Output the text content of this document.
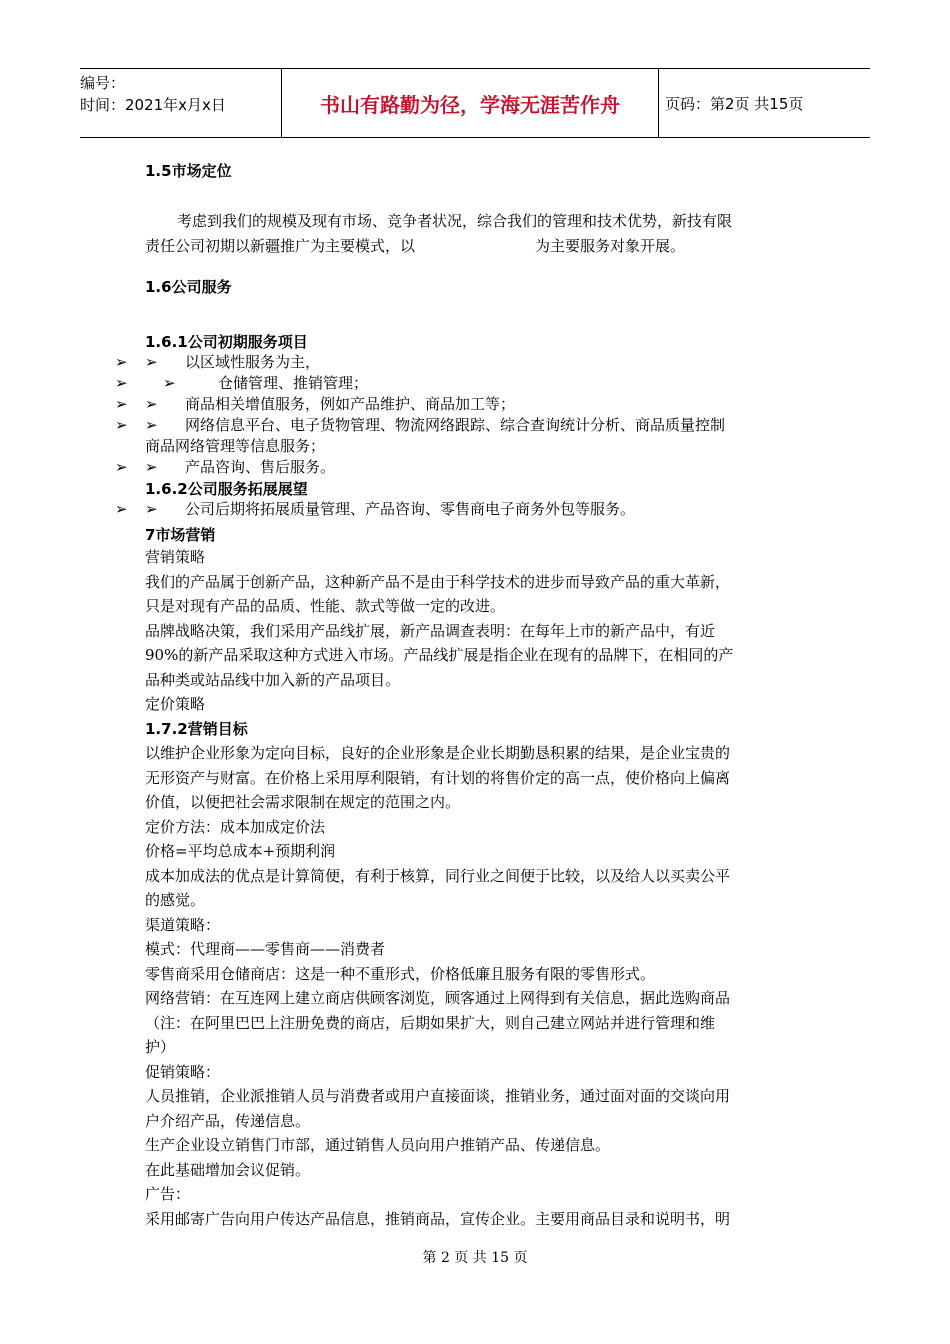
编号：
时间：2021年x月x日	书山有路勤为径，学海无涯苦作舟	页码：第2页 共15页

1.5市场定位

考虑到我们的规模及现有市场、竞争者状况，综合我们的管理和技术优势，新技有限

责任公司初期以新疆推广为主要模式，以	为主要服务对象开展。

1.6公司服务

1.6.1公司初期服务项目

➢ ➢ 以区域性服务为主，

➢ ➢	仓储管理、推销管理；

➢ ➢ 商品相关增值服务，例如产品维护、商品加工等；

➢ ➢ 网络信息平台、电子货物管理、物流网络跟踪、综合查询统计分析、商品质量控制

商品网络管理等信息服务；

➢ ➢ 产品咨询、售后服务。

1.6.2公司服务拓展展望

➢ ➢ 公司后期将拓展质量管理、产品咨询、零售商电子商务外包等服务。

7市场营销

营销策略

我们的产品属于创新产品，这种新产品不是由于科学技术的进步而导致产品的重大革新，

只是对现有产品的品质、性能、款式等做一定的改进。

品牌战略决策，我们采用产品线扩展，新产品调查表明：在每年上市的新产品中，有近

90%的新产品采取这种方式进入市场。产品线扩展是指企业在现有的品牌下，在相同的产

品种类或站品线中加入新的产品项目。

定价策略

1.7.2营销目标

以维护企业形象为定向目标，良好的企业形象是企业长期勤恳积累的结果，是企业宝贵的

无形资产与财富。在价格上采用厚利限销，有计划的将售价定的高一点，使价格向上偏离

价值，以便把社会需求限制在规定的范围之内。

定价方法：成本加成定价法

价格=平均总成本+预期利润

成本加成法的优点是计算简便，有利于核算，同行业之间便于比较，以及给人以买卖公平

的感觉。

渠道策略：

模式：代理商——零售商——消费者

零售商采用仓储商店：这是一种不重形式，价格低廉且服务有限的零售形式。

网络营销：在互连网上建立商店供顾客浏览，顾客通过上网得到有关信息，据此选购商品

（注：在阿里巴巴上注册免费的商店，后期如果扩大，则自己建立网站并进行管理和维

护）

促销策略：

人员推销，企业派推销人员与消费者或用户直接面谈，推销业务，通过面对面的交谈向用

户介绍产品，传递信息。

生产企业设立销售门市部，通过销售人员向用户推销产品、传递信息。

在此基础增加会议促销。

广告：

采用邮寄广告向用户传达产品信息，推销商品，宣传企业。主要用商品目录和说明书，明

第 2 页 共 15 页
